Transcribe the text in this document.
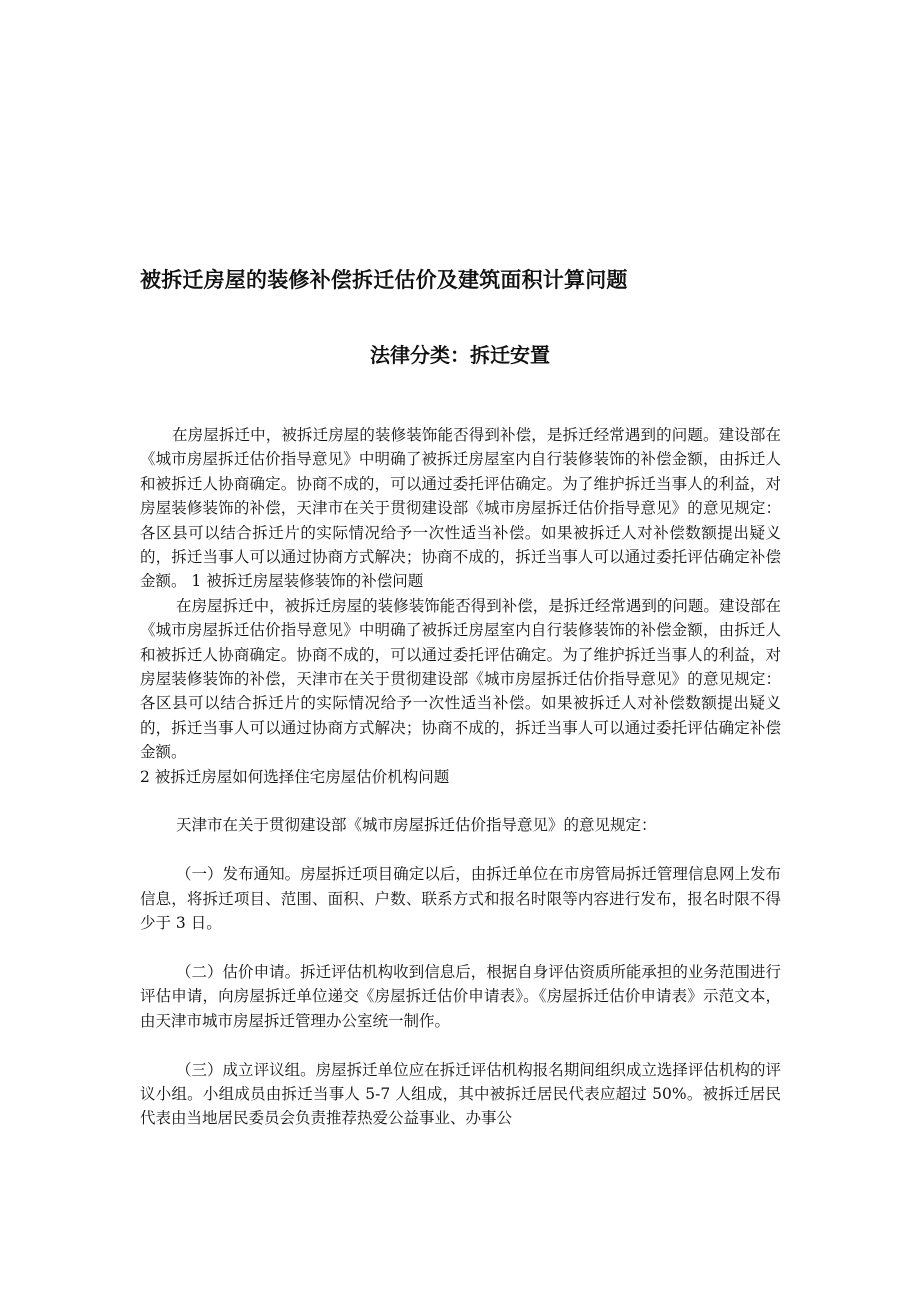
被拆迁房屋的装修补偿拆迁估价及建筑面积计算问题
法律分类：拆迁安置

在房屋拆迁中，被拆迁房屋的装修装饰能否得到补偿，是拆迁经常遇到的问题。建设部在《城市房屋拆迁估价指导意见》中明确了被拆迁房屋室内自行装修装饰的补偿金额，由拆迁人和被拆迁人协商确定。协商不成的，可以通过委托评估确定。为了维护拆迁当事人的利益，对房屋装修装饰的补偿，天津市在关于贯彻建设部《城市房屋拆迁估价指导意见》的意见规定：各区县可以结合拆迁片的实际情况给予一次性适当补偿。如果被拆迁人对补偿数额提出疑义的，拆迁当事人可以通过协商方式解决；协商不成的，拆迁当事人可以通过委托评估确定补偿金额。 1 被拆迁房屋装修装饰的补偿问题

在房屋拆迁中，被拆迁房屋的装修装饰能否得到补偿，是拆迁经常遇到的问题。建设部在《城市房屋拆迁估价指导意见》中明确了被拆迁房屋室内自行装修装饰的补偿金额，由拆迁人和被拆迁人协商确定。协商不成的，可以通过委托评估确定。为了维护拆迁当事人的利益，对房屋装修装饰的补偿，天津市在关于贯彻建设部《城市房屋拆迁估价指导意见》的意见规定：各区县可以结合拆迁片的实际情况给予一次性适当补偿。如果被拆迁人对补偿数额提出疑义的，拆迁当事人可以通过协商方式解决；协商不成的，拆迁当事人可以通过委托评估确定补偿金额。

2 被拆迁房屋如何选择住宅房屋估价机构问题

天津市在关于贯彻建设部《城市房屋拆迁估价指导意见》的意见规定：

（一）发布通知。房屋拆迁项目确定以后，由拆迁单位在市房管局拆迁管理信息网上发布信息，将拆迁项目、范围、面积、户数、联系方式和报名时限等内容进行发布，报名时限不得少于 3 日。

（二）估价申请。拆迁评估机构收到信息后，根据自身评估资质所能承担的业务范围进行评估申请，向房屋拆迁单位递交《房屋拆迁估价申请表》。《房屋拆迁估价申请表》示范文本，由天津市城市房屋拆迁管理办公室统一制作。

（三）成立评议组。房屋拆迁单位应在拆迁评估机构报名期间组织成立选择评估机构的评议小组。小组成员由拆迁当事人 5-7 人组成，其中被拆迁居民代表应超过 50%。被拆迁居民代表由当地居民委员会负责推荐热爱公益事业、办事公
